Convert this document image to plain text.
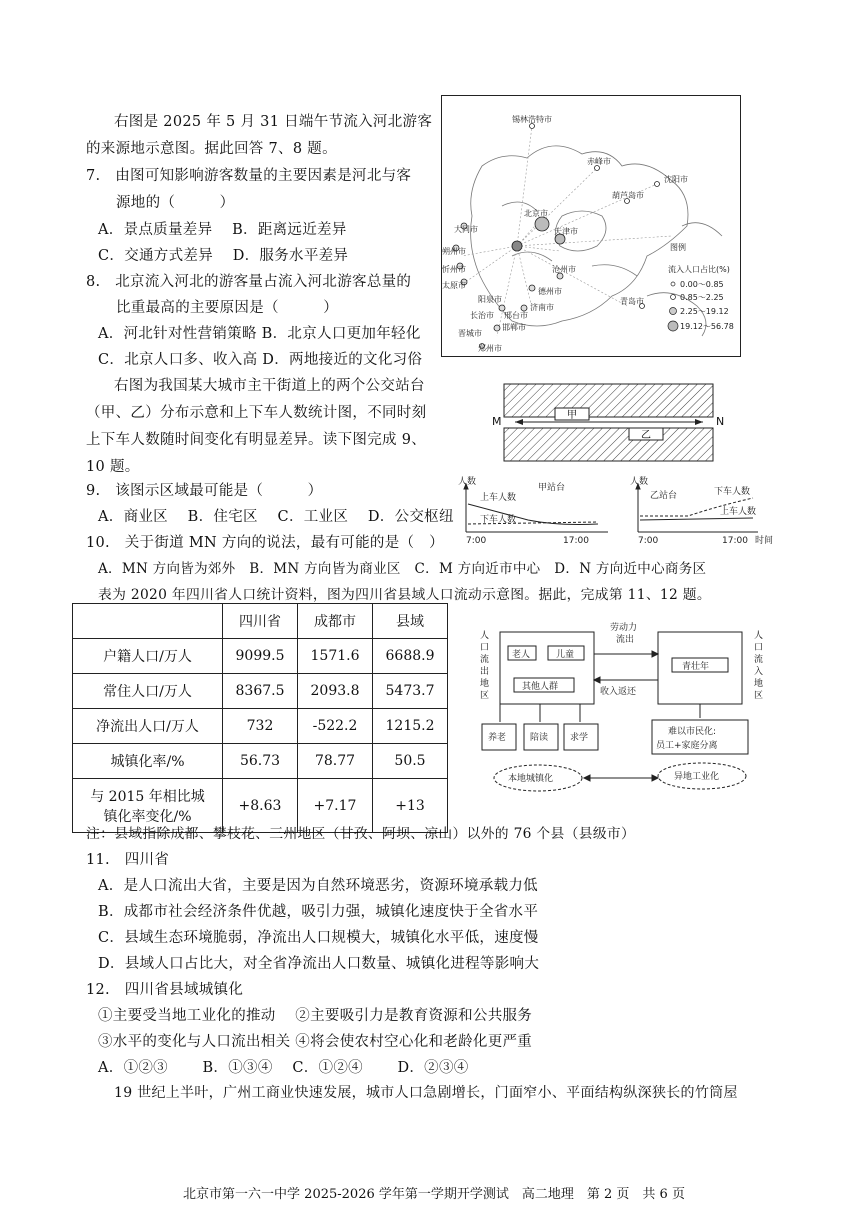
右图是 2025 年 5 月 31 日端午节流入河北游客
的来源地示意图。据此回答 7、8 题。
7.　由图可知影响游客数量的主要因素是河北与客
源地的（　　　）
A．景点质量差异　 B．距离远近差异
C．交通方式差异　 D．服务水平差异
8.　北京流入河北的游客量占流入河北游客总量的
比重最高的主要原因是（　　　）
A．河北针对性营销策略 B．北京人口更加年轻化
C．北京人口多、收入高 D．两地接近的文化习俗
锡林浩特市
赤峰市
沈阳市
葫芦岛市
北京市
天津市
大同市
朔州市
忻州市
太原市
沧州市
德州市
济南市
阳泉市
长治市
邯郸市
晋城市
邢台市
青岛市
郑州市
图例
流入人口占比(%)
0.00～0.85
0.85～2.25
2.25～19.12
19.12～56.78
右图为我国某大城市主干街道上的两个公交站台
（甲、乙）分布示意和上下车人数统计图，不同时刻
上下车人数随时间变化有明显差异。读下图完成 9、
10 题。
9.　该图示区域最可能是（　　　）
A．商业区　 B．住宅区　 C．工业区　 D．公交枢纽
10.　关于街道 MN 方向的说法，最有可能的是（　）
A．MN 方向皆为郊外　B．MN 方向皆为商业区　C．M 方向近市中心　D．N 方向近中心商务区
甲
乙
M	N
人数
甲站台
上车人数
下车人数
7:00	17:00
人数
乙站台	下车人数
上车人数
7:00	17:00 时间
表为 2020 年四川省人口统计资料，图为四川省县域人口流动示意图。据此，完成第 11、12 题。
	四川省	成都市	县域
户籍人口/万人	9099.5	1571.6	6688.9
常住人口/万人	8367.5	2093.8	5473.7
净流出人口/万人	732	-522.2	1215.2
城镇化率/%	56.73	78.77	50.5

与 2015 年相比城
镇化率变化/%	+8.63	+7.17	+13
老人	儿童
其他人群
青壮年
劳动力
流出
收入返还
养老	陪读 求学
难以市民化:
员工+家庭分离
本地城镇化	异地工业化
人口流出地区
人口流入地区
注：县域指除成都、攀枝花、三州地区（甘孜、阿坝、凉山）以外的 76 个县（县级市）
11.　四川省
A．是人口流出大省，主要是因为自然环境恶劣，资源环境承载力低
B．成都市社会经济条件优越，吸引力强，城镇化速度快于全省水平
C．县域生态环境脆弱，净流出人口规模大，城镇化水平低，速度慢
D．县域人口占比大，对全省净流出人口数量、城镇化进程等影响大
12.　四川省县域城镇化
①主要受当地工业化的推动　 ②主要吸引力是教育资源和公共服务
③水平的变化与人口流出相关 ④将会使农村空心化和老龄化更严重
A．①②③　　 B．①③④　 C．①②④　　 D．②③④
19 世纪上半叶，广州工商业快速发展，城市人口急剧增长，门面窄小、平面结构纵深狭长的竹筒屋
北京市第一六一中学 2025-2026 学年第一学期开学测试　高二地理　第 2 页　共 6 页
